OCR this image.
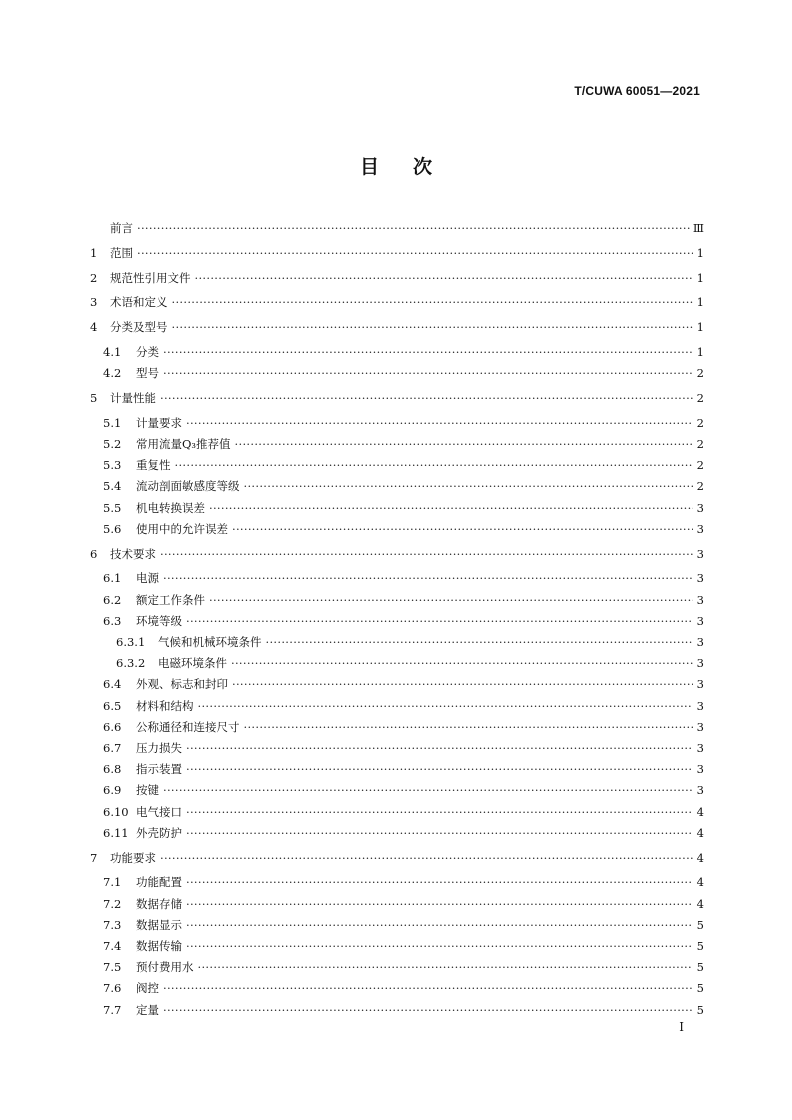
T/CUWA 60051—2021
目次
前言 ·····	Ⅲ
1	范围 ·····	1
2	规范性引用文件 ·····	1
3	术语和定义 ·····	1
4	分类及型号 ·····	1
4.1	分类 ·····	1
4.2	型号 ·····	2
5	计量性能 ·····	2
5.1	计量要求 ·····	2
5.2	常用流量Q₃推荐值 ·····	2
5.3	重复性 ·····	2
5.4	流动剖面敏感度等级 ·····	2
5.5	机电转换误差 ·····	3
5.6	使用中的允许误差 ·····	3
6	技术要求 ·····	3
6.1	电源 ·····	3
6.2	额定工作条件 ·····	3
6.3	环境等级 ·····	3
6.3.1	气候和机械环境条件 ·····	3
6.3.2	电磁环境条件 ·····	3
6.4	外观、标志和封印 ·····	3
6.5	材料和结构 ·····	3
6.6	公称通径和连接尺寸 ·····	3
6.7	压力损失 ·····	3
6.8	指示装置 ·····	3
6.9	按键 ·····	3
6.10 电气接口 ·····	4
6.11 外壳防护 ·····	4
7	功能要求 ·····	4
7.1	功能配置 ·····	4
7.2	数据存储 ·····	4
7.3	数据显示 ·····	5
7.4	数据传输 ·····	5
7.5	预付费用水 ·····	5
7.6	阀控 ·····	5
7.7	定量 ·····	5
Ⅰ
